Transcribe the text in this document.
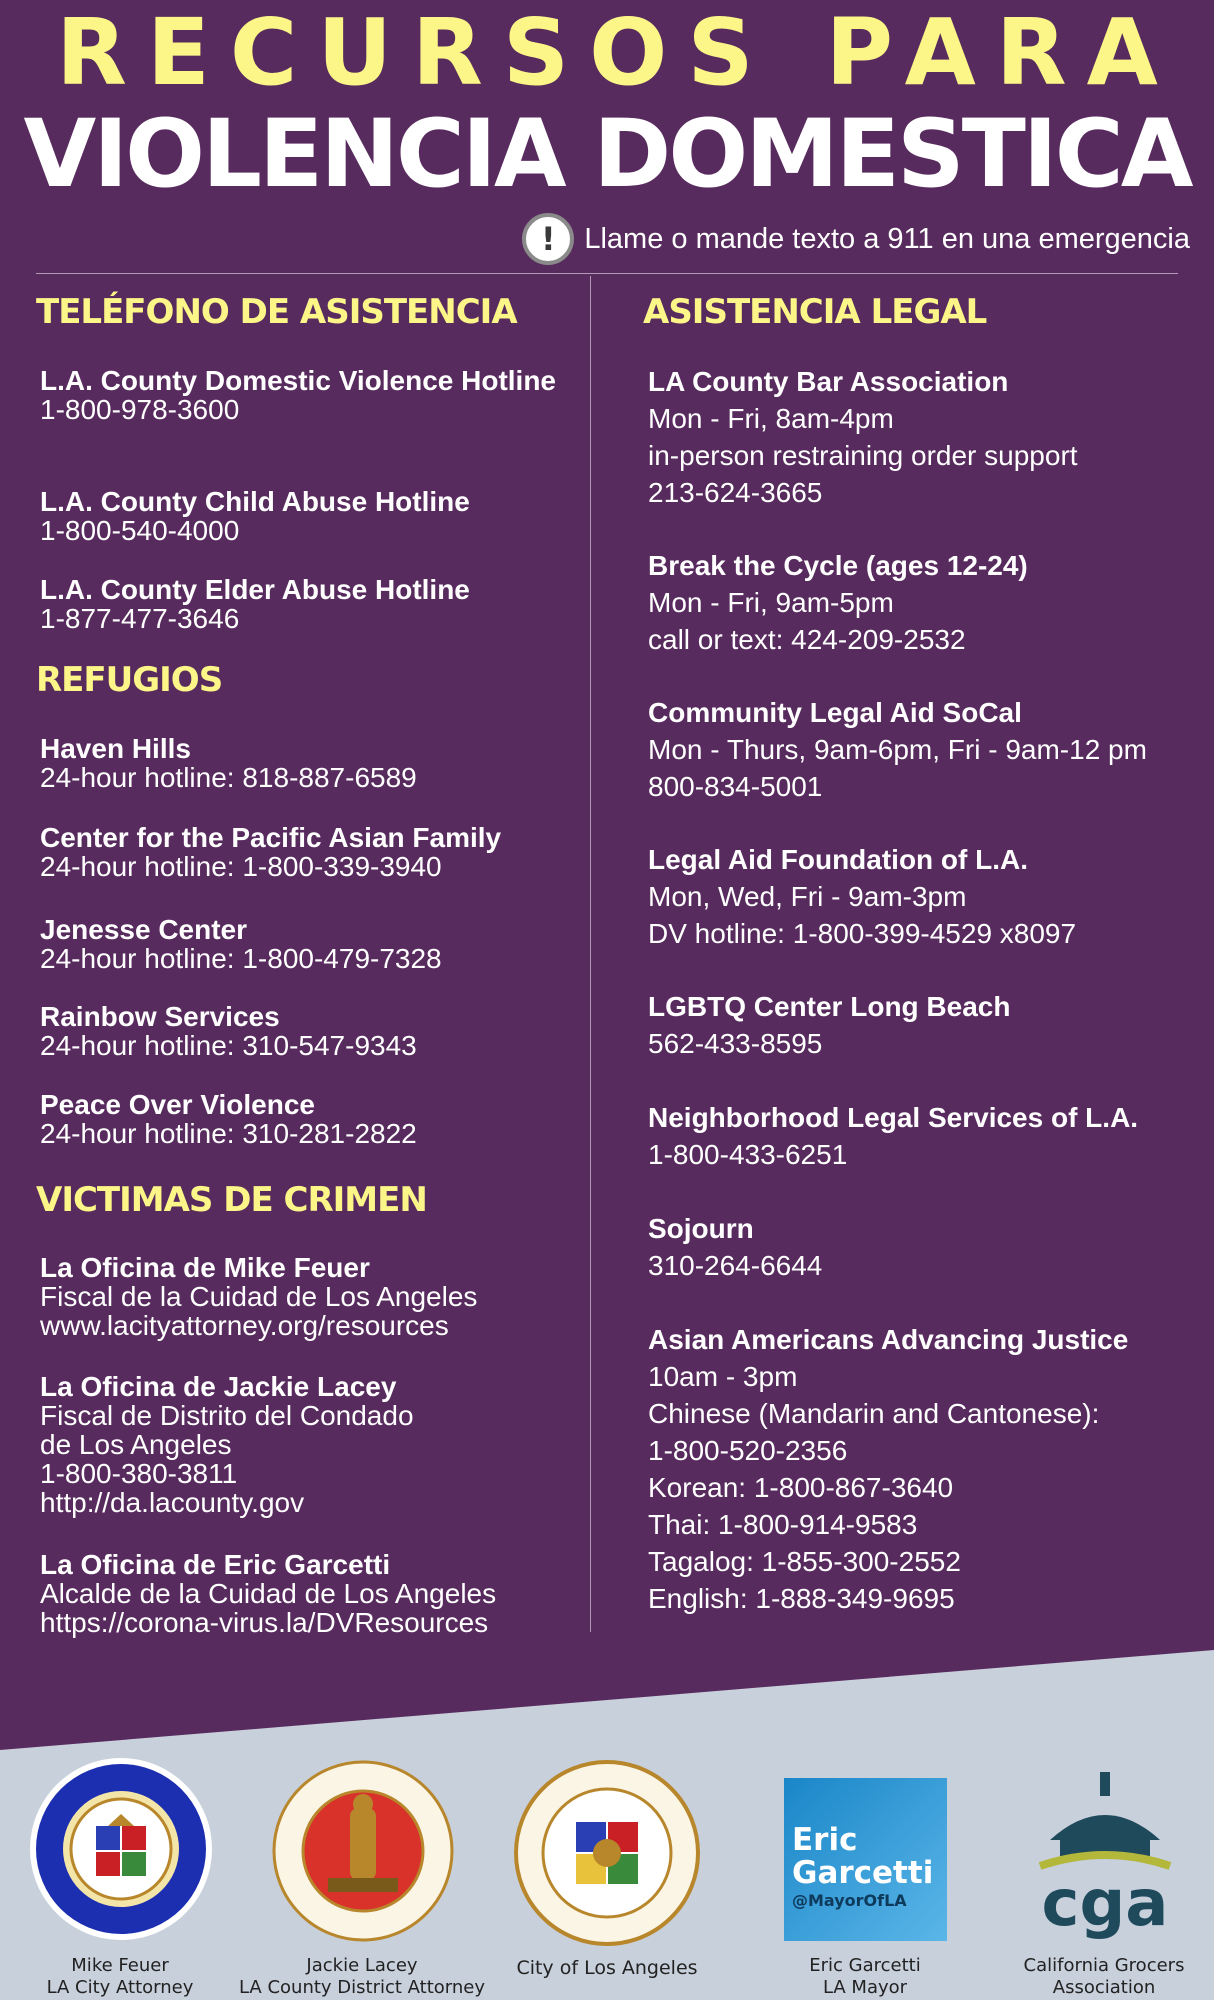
RECURSOS PARA
VIOLENCIA DOMESTICA
! Llame o mande texto a 911 en una emergencia
TELÉFONO DE ASISTENCIA
L.A. County Domestic Violence Hotline
1-800-978-3600
L.A. County Child Abuse Hotline
1-800-540-4000
L.A. County Elder Abuse Hotline
1-877-477-3646
REFUGIOS
Haven Hills
24-hour hotline: 818-887-6589
Center for the Pacific Asian Family
24-hour hotline: 1-800-339-3940
Jenesse Center
24-hour hotline: 1-800-479-7328
Rainbow Services
24-hour hotline: 310-547-9343
Peace Over Violence
24-hour hotline: 310-281-2822
VICTIMAS DE CRIMEN
La Oficina de Mike Feuer
Fiscal de la Cuidad de Los Angeles
www.lacityattorney.org/resources
La Oficina de Jackie Lacey
Fiscal de Distrito del Condado
de Los Angeles
1-800-380-3811
http://da.lacounty.gov
La Oficina de Eric Garcetti
Alcalde de la Cuidad de Los Angeles
https://corona-virus.la/DVResources
ASISTENCIA LEGAL
LA County Bar Association
Mon - Fri, 8am-4pm
in-person restraining order support
213-624-3665
Break the Cycle (ages 12-24)
Mon - Fri, 9am-5pm
call or text: 424-209-2532
Community Legal Aid SoCal
Mon - Thurs, 9am-6pm, Fri - 9am-12 pm
800-834-5001
Legal Aid Foundation of L.A.
Mon, Wed, Fri - 9am-3pm
DV hotline: 1-800-399-4529 x8097
LGBTQ Center Long Beach
562-433-8595
Neighborhood Legal Services of L.A.
1-800-433-6251
Sojourn
310-264-6644
Asian Americans Advancing Justice
10am - 3pm
Chinese (Mandarin and Cantonese):
1-800-520-2356
Korean: 1-800-867-3640
Thai: 1-800-914-9583
Tagalog: 1-855-300-2552
English: 1-888-349-9695
Eric
Garcetti
@MayorOfLA	cga
Mike Feuer
LA City Attorney
Jackie Lacey
LA County District Attorney
City of Los Angeles	Eric Garcetti
LA Mayor
California Grocers
Association
